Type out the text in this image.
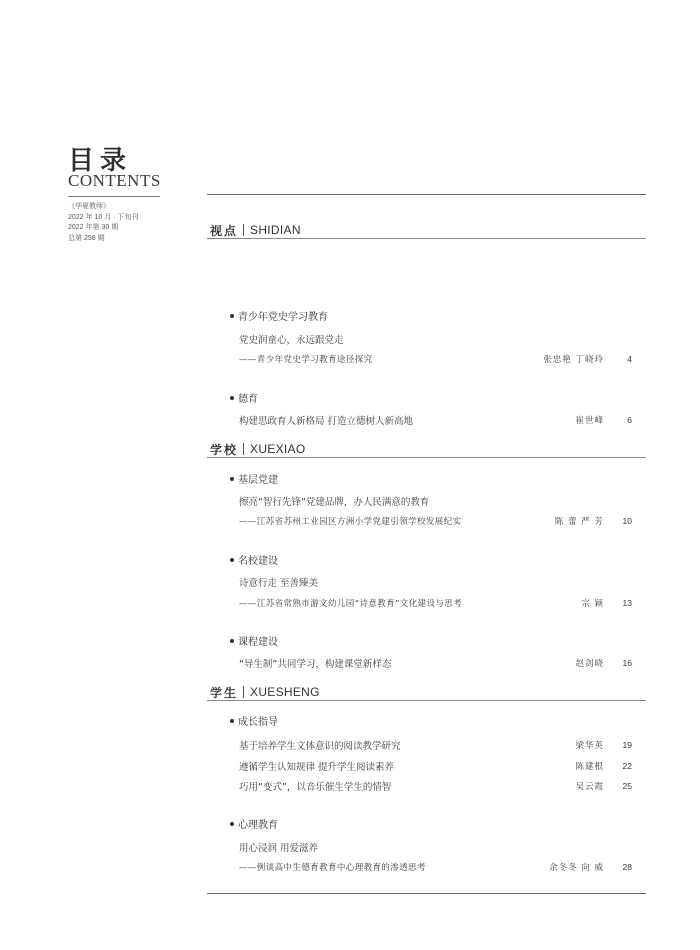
目录
CONTENTS
《华夏教师》
2022 年 10 月 · 下旬刊
2022 年第 30 期
总第 258 期
视点 SHIDIAN
青少年党史学习教育
党史润童心，永远跟党走
——青少年党史学习教育途径探究	张忠艳 丁晓玲	4
德育
构建思政育人新格局 打造立德树人新高地	崔世峰	6
学校 XUEXIAO
基层党建
擦亮“智行先锋”党建品牌，办人民满意的教育
——江苏省苏州工业园区方洲小学党建引领学校发展纪实	陈 蕾 严 芳	10
名校建设
诗意行走 至善臻美
——江苏省常熟市游文幼儿园“诗意教育”文化建设与思考	宗 颖	13
课程建设
“导生制”共同学习，构建课堂新样态	赵剑晓	16
学生 XUESHENG
成长指导
基于培养学生文体意识的阅读教学研究	梁华英	19
遵循学生认知规律 提升学生阅读素养	陈建根	22
巧用“变式”，以音乐催生学生的情智	吴云霞	25
心理教育
用心浸润 用爱滋养
——例谈高中生德育教育中心理教育的渗透思考	余冬冬 向 威	28
